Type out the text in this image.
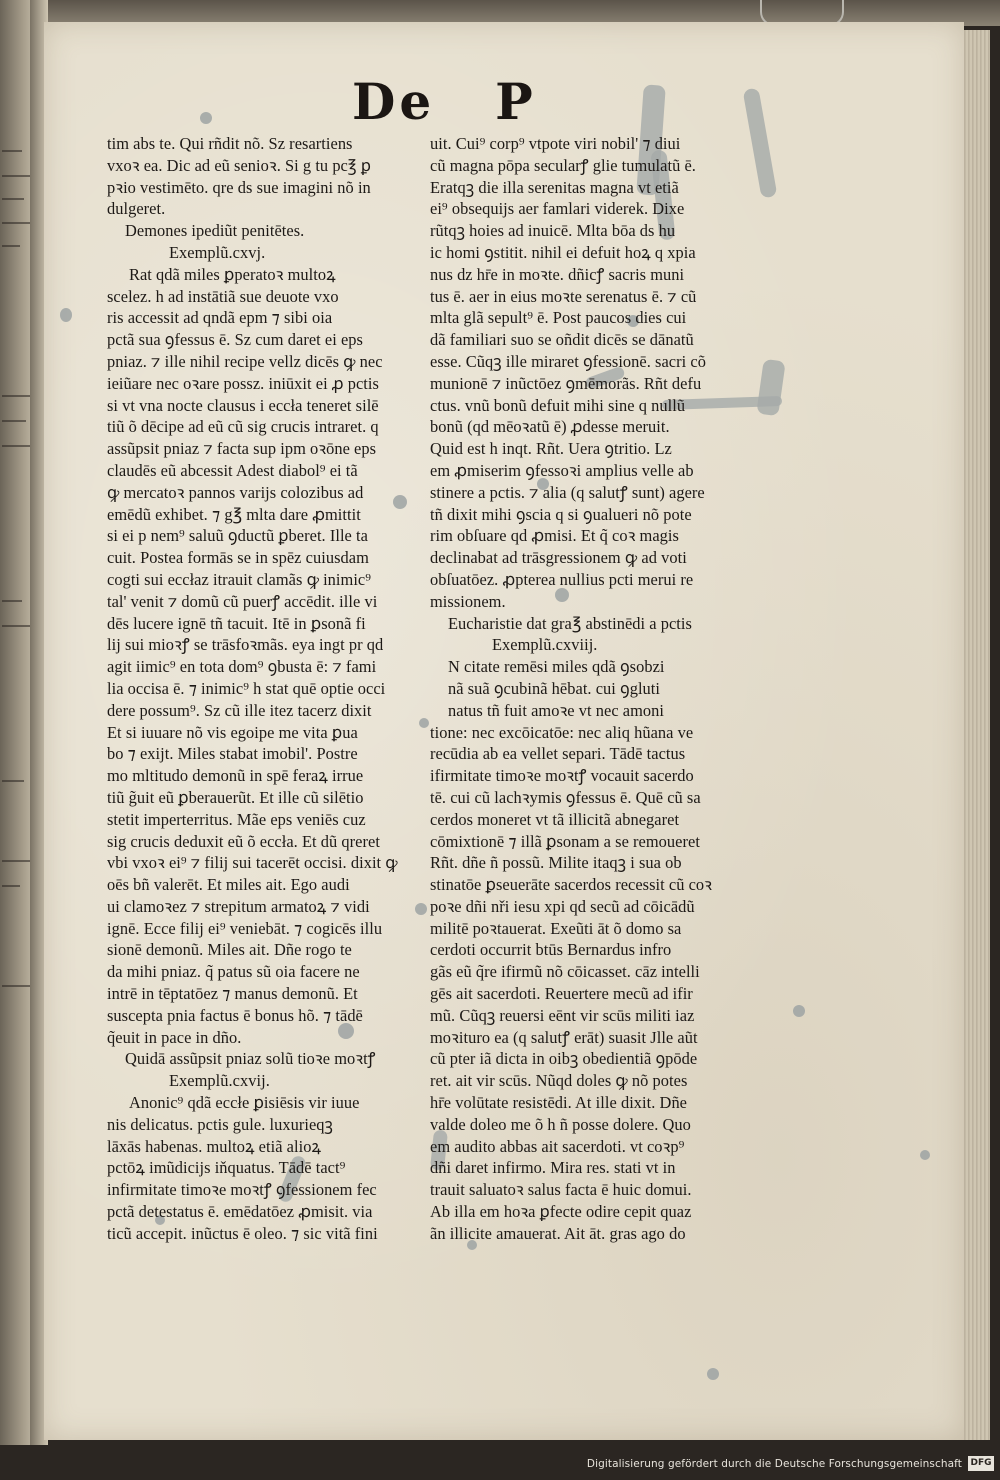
De P
tim abs te. Qui rñdit nõ. Sz resartiens
vxoꝛ ea. Dic ad eũ senioꝛ. Si g tu pc℥ ꝑ
pꝛio vestimēto. qre ds sue imagini nõ in
dulgeret.
Demones ipediũt penitētes.
Exemplũ.cxvj.
Rat qdã miles ꝑperatoꝛ multoꝝ
scelez. h ad instātiã sue deuote vxo
ris accessit ad qndã epm ⁊ sibi oia
pctã sua ꝯfessus ē. Sz cum daret ei eps
pniaz. ⁊ ille nihil recipe vellz dicēs ꝙ nec
ieiũare nec oꝛare possz. iniūxit ei ꝓ pctis
si vt vna nocte clausus i eccła teneret silē
tiũ õ dēcipe ad eũ cũ sig crucis intraret. q
assũpsit pniaz ⁊ facta sup ipm oꝛōne eps
claudēs eũ abcessit Adest diabol⁹ ei tã
ꝙ mercatoꝛ pannos varijs colozibus ad
emēdũ exhibet. ⁊ g℥ mlta dare ꝓmittit
si ei p nem⁹ saluũ ꝯductũ ꝑberet. Ille ta
cuit. Postea formās se in spēz cuiusdam
cogti sui eccłaz itrauit clamãs ꝙ inimic⁹
tal' venit ⁊ domũ cũ puerꝭ accēdit. ille vi
dēs lucere ignē tñ tacuit. Itē in ꝑsonã fi
lij sui mioꝛꝭ se trāsfoꝛmãs. eya ingt pr qd
agit iimic⁹ en tota dom⁹ ꝯbusta ē: ⁊ fami
lia occisa ē. ⁊ inimic⁹ h stat quē optie occi
dere possum⁹. Sz cũ ille itez tacerz dixit
Et si iuuare nõ vis egoipe me vita ꝑua
bo ⁊ exijt. Miles stabat imobil'. Postre
mo mltitudo demonũ in spē feraꝝ irrue
tiũ g̃uit eũ ꝑberauerũt. Et ille cũ silētio
stetit imperterritus. Mãe eps veniēs cuz
sig crucis deduxit eũ õ eccła. Et dũ qreret
vbi vxoꝛ ei⁹ ⁊ filij sui tacerēt occisi. dixit ꝙ
oēs bñ valerēt. Et miles ait. Ego audi
ui clamoꝛez ⁊ strepitum armatoꝝ ⁊ vidi
ignē. Ecce filij ei⁹ veniebāt. ⁊ cogicēs illu
sionē demonũ. Miles ait. Dñe rogo te
da mihi pniaz. q̃ patus sũ oia facere ne
intrē in tēptatōez ⁊ manus demonũ. Et
suscepta pnia factus ē bonus hõ. ⁊ tādē
q̃euit in pace in dño.
Quidā assũpsit pniaz solũ tioꝛe moꝛtꝭ
Exemplũ.cxvij.
Anonic⁹ qdã eccłe ꝑisiēsis vir iuue
nis delicatus. pctis gule. luxurieqꝫ
lāxās habenas. multoꝝ etiã alioꝝ
pctōꝝ imũdicijs iňquatus. Tādē tact⁹
infirmitate timoꝛe moꝛtꝭ ꝯfessionem fec
pctã detestatus ē. emēdatōez ꝓmisit. via
ticũ accepit. inũctus ē oleo. ⁊ sic vitã fini
uit. Cui⁹ corp⁹ vtpote viri nobil' ⁊ diui
cũ magna pōpa secularꝭ glie tumulatũ ē.
Eratqꝫ die illa serenitas magna vt etiã
ei⁹ obsequijs aer famlari viderek. Dixe
rũtqꝫ hoies ad inuicē. Mlta bōa ds hu
ic homi ꝯstitit. nihil ei defuit hoꝝ q xpia
nus dz hr̄e in moꝛte. dñicꝭ sacris muni
tus ē. aer in eius moꝛte serenatus ē. ⁊ cũ
mlta glã sepult⁹ ē. Post paucos dies cui
dã familiari suo se oñdit dicēs se dānatũ
esse. Cũqꝫ ille miraret ꝯfessionē. sacri cõ
munionē ⁊ inũctōez ꝯmēmorãs. Rñt defu
ctus. vnũ bonũ defuit mihi sine q nullũ
bonũ (qd mēoꝛatũ ē) ꝓdesse meruit.
Quid est h inqt. Rñt. Uera ꝯtritio. Lz
em ꝓmiserim ꝯfessoꝛi amplius velle ab
stinere a pctis. ⁊ alia (q salutꝭ sunt) agere
tñ dixit mihi ꝯscia q si ꝯualueri nõ pote
rim obſuare qd ꝓmisi. Et q̃ coꝛ magis
declinabat ad trāsgressionem ꝙ ad voti
obſuatōez. ꝓpterea nullius pcti merui re
missionem.
Eucharistie dat gra℥ abstinēdi a pctis
Exemplũ.cxviij.
N citate remēsi miles qdã ꝯsobzi
nã suã ꝯcubinã hēbat. cui ꝯgluti
natus tñ fuit amoꝛe vt nec amoni
tione: nec excōicatōe: nec aliq hũana ve
recūdia ab ea vellet separi. Tādē tactus
ifirmitate timoꝛe moꝛtꝭ vocauit sacerdo
tē. cui cũ lachꝛymis ꝯfessus ē. Quē cũ sa
cerdos moneret vt tã illicitã abnegaret
cōmixtionē ⁊ illã ꝑsonam a se remoueret
Rñt. dñe ñ possũ. Milite itaqꝫ i sua ob
stinatōe ꝑseuerāte sacerdos recessit cũ coꝛ
poꝛe dñi nři iesu xpi qd secũ ad cōicādũ
militē poꝛtauerat. Exeũti āt õ domo sa
cerdoti occurrit btūs Bernardus infro
gãs eũ q̃re ifirmũ nõ cōicasset. cāz intelli
gēs ait sacerdoti. Reuertere mecũ ad ifir
mũ. Cũqꝫ reuersi eēnt vir scūs militi iaz
moꝛituro ea (q salutꝭ erāt) suasit Jlle aũt
cũ pter iã dicta in oibꝫ obedientiã ꝯpōde
ret. ait vir scūs. Nũqd doles ꝙ nõ potes
hr̄e volūtate resistēdi. At ille dixit. Dñe
valde doleo me õ h ñ posse dolere. Quo
em audito abbas ait sacerdoti. vt coꝛp⁹
dñi daret infirmo. Mira res. stati vt in
trauit saluatoꝛ salus facta ē huic domui.
Ab illa em hoꝛa ꝑfecte odire cepit quaz
ãn illicite amauerat. Ait āt. gras ago do
Digitalisierung gefördert durch die Deutsche Forschungsgemeinschaft DFG
